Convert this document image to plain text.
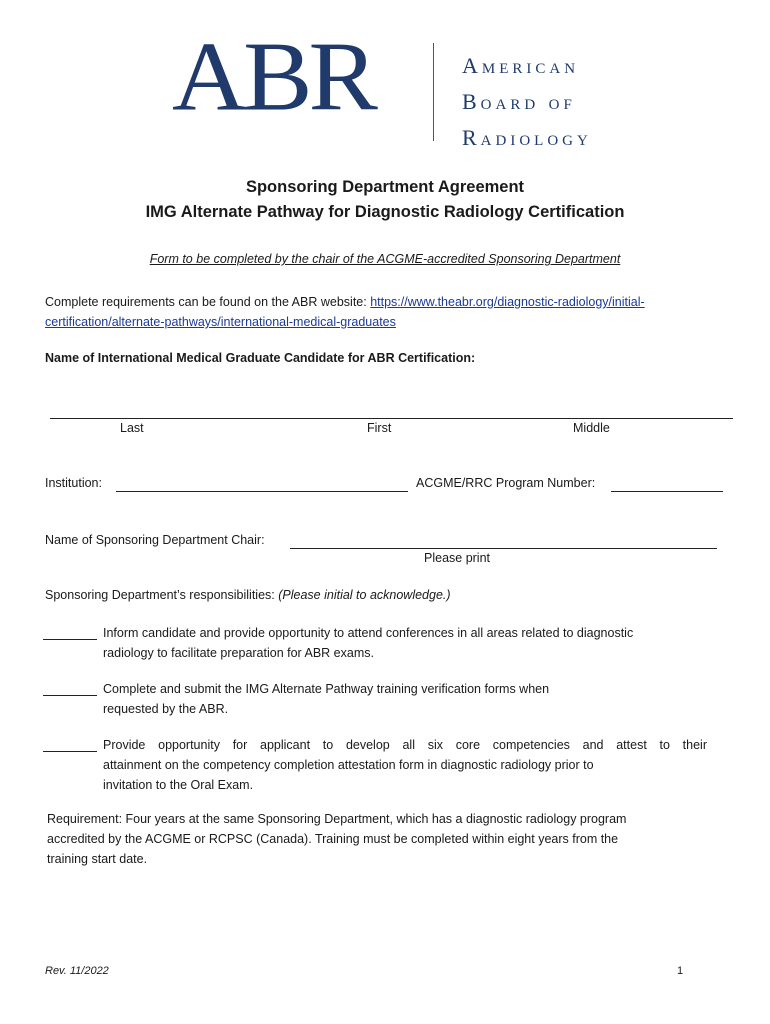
ABR	American
Board of
Radiology
Sponsoring Department Agreement
IMG Alternate Pathway for Diagnostic Radiology Certification
Form to be completed by the chair of the ACGME-accredited Sponsoring Department
Complete requirements can be found on the ABR website: https://www.theabr.org/diagnostic-radiology/initial-
certification/alternate-pathways/international-medical-graduates
Name of International Medical Graduate Candidate for ABR Certification:
Last	First	Middle
Institution:	ACGME/RRC Program Number:
Name of Sponsoring Department Chair:
Please print
Sponsoring Department’s responsibilities: (Please initial to acknowledge.)
Inform candidate and provide opportunity to attend conferences in all areas related to diagnostic
radiology to facilitate preparation for ABR exams.
Complete and submit the IMG Alternate Pathway training verification forms when
requested by the ABR.
Provide opportunity for applicant to develop all six core competencies and attest to their
attainment on the competency completion attestation form in diagnostic radiology prior to
invitation to the Oral Exam.
Requirement: Four years at the same Sponsoring Department, which has a diagnostic radiology program
accredited by the ACGME or RCPSC (Canada). Training must be completed within eight years from the
training start date.
Rev. 11/2022	1
